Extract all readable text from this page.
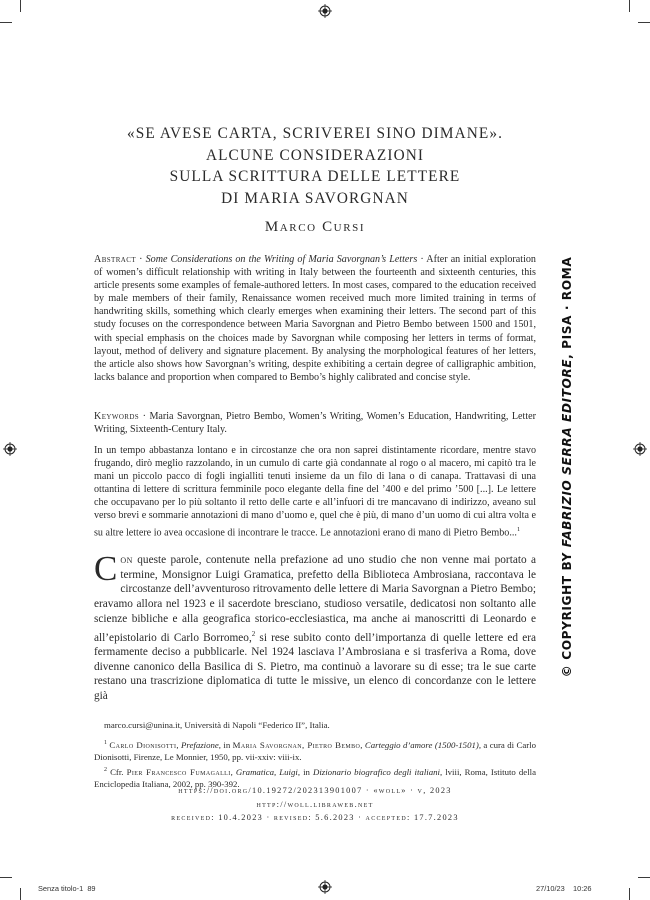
© COPYRIGHT BY FABRIZIO SERRA EDITORE, PISA · ROMA
«SE AVESE CARTA, SCRIVEREI SINO DIMANE».
ALCUNE CONSIDERAZIONI
SULLA SCRITTURA DELLE LETTERE
DI MARIA SAVORGNAN
Marco Cursi
Abstract · Some Considerations on the Writing of Maria Savorgnan’s Letters · After an initial exploration of women’s difficult relationship with writing in Italy between the fourteenth and sixteenth centuries, this article presents some examples of female-authored letters. In most cases, compared to the education received by male members of their family, Renaissance women received much more limited training in terms of handwriting skills, something which clearly emerges when examining their letters. The second part of this study focuses on the correspondence between Maria Savorgnan and Pietro Bembo between 1500 and 1501, with special emphasis on the choices made by Savorgnan while composing her letters in terms of format, layout, method of delivery and signature placement. By analysing the morphological features of her letters, the article also shows how Savorgnan’s writing, despite exhibiting a certain degree of calligraphic ambition, lacks balance and proportion when compared to Bembo’s highly calibrated and concise style.
Keywords · Maria Savorgnan, Pietro Bembo, Women’s Writing, Women’s Education, Handwriting, Letter Writing, Sixteenth-Century Italy.
In un tempo abbastanza lontano e in circostanze che ora non saprei distintamente ricordare, mentre stavo frugando, dirò meglio razzolando, in un cumulo di carte già condannate al rogo o al macero, mi capitò tra le mani un piccolo pacco di fogli ingialliti tenuti insieme da un filo di lana o di canapa. Trattavasi di una ottantina di lettere di scrittura femminile poco elegante della fine del ’400 e del primo ’500 [...]. Le lettere che occupavano per lo più soltanto il retto delle carte e all’infuori di tre mancavano di indirizzo, aveano sul verso brevi e sommarie annotazioni di mano d’uomo e, quel che è più, di mano d’un uomo di cui altra volta e su altre lettere io avea occasione di incontrare le tracce. Le annotazioni erano di mano di Pietro Bembo...$^1$
Con queste parole, contenute nella prefazione ad uno studio che non venne mai portato a termine, Monsignor Luigi Gramatica, prefetto della Biblioteca Ambrosiana, raccontava le circostanze dell’avventuroso ritrovamento delle lettere di Maria Savorgnan a Pietro Bembo; eravamo allora nel 1923 e il sacerdote bresciano, studioso versatile, dedicatosi non soltanto alle scienze bibliche e alla geografica storico-ecclesiastica, ma anche ai manoscritti di Leonardo e all’epistolario di Carlo Borromeo,$^2$ si rese subito conto dell’importanza di quelle lettere ed era fermamente deciso a pubblicarle. Nel 1924 lasciava l’Ambrosiana e si trasferiva a Roma, dove divenne canonico della Basilica di S. Pietro, ma continuò a lavorare su di esse; tra le sue carte restano una trascrizione diplomatica di tutte le missive, un elenco di concordanze con le lettere già
marco.cursi@unina.it, Università di Napoli “Federico II”, Italia.
$^1$ Carlo Dionisotti, Prefazione, in Maria Savorgnan, Pietro Bembo, Carteggio d’amore (1500-1501), a cura di Carlo Dionisotti, Firenze, Le Monnier, 1950, pp. vii-xxiv: viii-ix.
$^2$ Cfr. Pier Francesco Fumagalli, Gramatica, Luigi, in Dizionario biografico degli italiani, lviii, Roma, Istituto della Enciclopedia Italiana, 2002, pp. 390-392.
https://doi.org/10.19272/202313901007 · «woll» · v, 2023
http://woll.libraweb.net
received: 10.4.2023 · revised: 5.6.2023 · accepted: 17.7.2023
Senza titolo-1 89	27/10/23 10:26
